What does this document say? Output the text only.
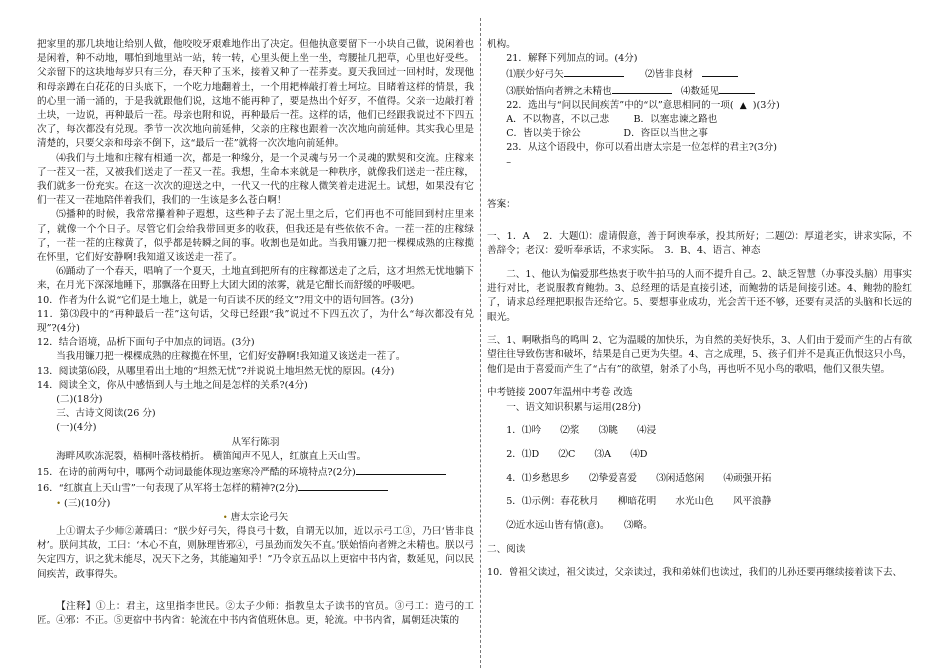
把家里的那几块地让给别人做，他咬咬牙艰难地作出了决定。但他执意要留下一小块自己做，说闲着也是闲着，种不动地，哪怕到地里站一站，转一转，心里头便上坐一坐，弯腰扯几把草，心里也好受些。父亲留下的这块地每岁只有三分，春天种了玉米，接着又种了一茬荞麦。夏天我回过一回村时，发现他和母亲蹲在白花花的日头底下，一个吃力地翻着土，一个用耙棒敲打着土坷垃。目睹着这样的情景，我的心里一涌一涌的，于是我就跟他们说，这地不能再种了，要是热出个好歹，不值得。父亲一边敲打着土块，一边说，再种最后一茬。母亲也附和说，再种最后一茬。这样的话，他们已经跟我说过不下四五次了，每次都没有兑现。季节一次次地向前延伸，父亲的庄稼也跟着一次次地向前延伸。其实我心里是清楚的，只要父亲和母亲不倒下，这“最后一茬”就将一次次地向前延伸。

⑷我们与土地和庄稼有相通一次，都是一种缘分，是一个灵魂与另一个灵魂的默契和交流。庄稼来了一茬又一茬，又被我们送走了一茬又一茬。我想，生命本来就是一种秩序，就像我们送走一茬庄稼，我们就多一份充实。在这一次次的迎送之中，一代又一代的庄稼人微笑着走进泥土。试想，如果没有它们一茬又一茬地陪伴着我们，我们的一生该是多么苍白啊！

⑸播种的时候，我常常攥着种子遐想，这些种子去了泥土里之后，它们再也不可能回到村庄里来了，就像一个个日子。尽管它们会给我带回更多的收获，但我还是有些依依不舍。一茬一茬的庄稼绿了，一茬一茬的庄稼黄了，似乎都是转瞬之间的事。收割也是如此。当我用镰刀把一棵棵成熟的庄稼揽在怀里，它们好安静啊!我知道又该送走一茬了。

⑹踊动了一个春天，唱响了一个夏天，土地直到把所有的庄稼都送走了之后，这才坦然无忧地躺下来，在月光下深深地睡下，那飘落在田野上大团大团的浓雾，就是它酣长而舒缓的呼吸吧。

10．作者为什么说“它们是土地上，就是一句百读不厌的经文”?用文中的语句回答。(3分)

11．第⑶段中的“再种最后一茬”这句话，父母已经跟“我”说过不下四五次了，为什么“每次都没有兑现”?(4分)

12．结合语境，品析下面句子中加点的词语。(3分)

当我用镰刀把一棵棵成熟的庄稼揽在怀里，它们好安静啊!我知道又该送走一茬了。

13．阅读第⑹段，从哪里看出土地的“坦然无忧”?并说说土地坦然无忧的原因。(4分)

14．阅读全文，你从中感悟到人与土地之间是怎样的关系?(4分)

(二)(18分)

三、古诗文阅读(26 分)

(一)(4分)

从军行陈羽

海畔风吹冻泥裂，梧桐叶落枝梢折。 横笛闻声不见人，红旗直上天山雪。

15．在诗的前两句中，哪两个动词最能体现边塞寒冷严酷的环境特点?(2分)

16．“红旗直上天山雪”一句表现了从军将士怎样的精神?(2分)

• (三)(10分)

• 唐太宗论弓矢

上①谓太子少师②萧瑀曰：“朕少好弓矢，得良弓十数，自谓无以加，近以示弓工③，乃曰‘皆非良材’。朕问其故，工曰：‘木心不直，则脉理皆邪④，弓虽劲而发矢不直。’朕始悟向者辨之未精也。朕以弓矢定四方，识之犹未能尽，况天下之务，其能遍知乎！”乃令京五品以上更宿中书内省，数延见，问以民间疾苦，政事得失。

【注释】①上：君主，这里指李世民。②太子少师：指教皇太子读书的官员。③弓工：造弓的工匠。④邪：不正。⑤更宿中书内省：轮流在中书内省值班休息。更，轮流。中书内省，属朝廷决策的

机构。

21．解释下列加点的词。(4分)

⑴朕少好弓矢	⑵皆非良材

⑶朕始悟向者辨之未精也	⑷数延见

22．选出与“问以民间疾苦”中的“以”意思相同的一项( ▲ )(3分)

A．不以物喜，不以己悲	B．以塞忠谏之路也

C．皆以美于徐公	D．咨臣以当世之事

23．从这个语段中，你可以看出唐太宗是一位怎样的君主?(3分)

–

答案：

一、1．A　 2．大题⑴：虚请假意，善于阿谀奉承，投其所好；二题⑵：厚道老实，讲求实际，不善辞令；老汉：爱听奉承话，不求实际。　3．B、4、语言、神态

二、1、他认为偏爱那些热衷于吹牛拍马的人而不提升自己。2、缺乏智慧（办事没头脑）用事实进行对比，老说服教育鲍勃。3、总经理的话是直接引述，而鲍勃的话是间接引述。4、鲍勃的脸红了，请求总经理把职报告还给它。5、要想事业成功，光会苦干还不够，还要有灵活的头脑和长远的眼光。

三、1、啊啾指鸟的鸣叫 2、它为温暖的加快乐，为自然的美好快乐，3、人们由于爱而产生的占有欲望往往导致伤害和破坏，结果是自己更为失望。4、言之成理，5、孩子们并不是真正仇恨这只小鸟，他们是由于喜爱而产生了“占有”的欲望，射杀了小鸟，再也听不见小鸟的歌唱，他们又很失望。

中考链接 2007年温州中考卷 改选

一、语文知识积累与运用(28分)

1．⑴吟　　⑵浆　　⑶眺　　⑷浸

2．⑴D　　⑵C　　⑶A　　⑷D

4．⑴乡愁思乡　　⑵挚爱喜爱　　⑶闲适悠闲　　⑷顽强开拓

5．⑴示例：春花秋月　　柳暗花明　　水光山色　　风平浪静

⑵近水远山皆有情(意)。　　⑶略。

二、阅读

10．曾祖父读过，祖父读过，父亲读过，我和弟妹们也读过，我们的儿孙还要再继续接着读下去、
